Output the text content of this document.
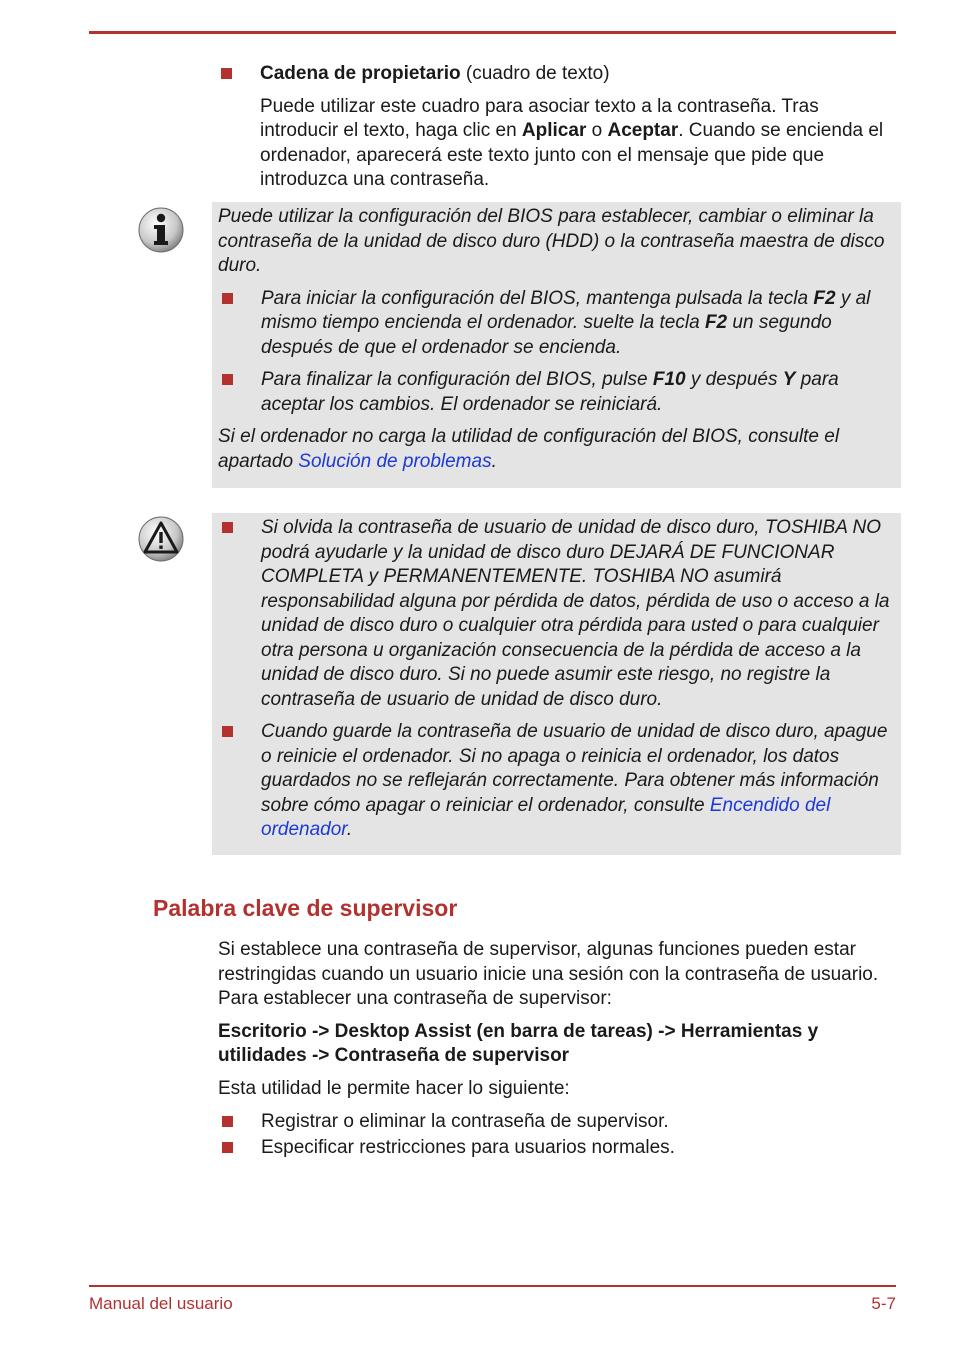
Cadena de propietario (cuadro de texto)

Puede utilizar este cuadro para asociar texto a la contraseña. Tras introducir el texto, haga clic en Aplicar o Aceptar. Cuando se encienda el ordenador, aparecerá este texto junto con el mensaje que pide que introduzca una contraseña.

Puede utilizar la configuración del BIOS para establecer, cambiar o eliminar la contraseña de la unidad de disco duro (HDD) o la contraseña maestra de disco duro.

Para iniciar la configuración del BIOS, mantenga pulsada la tecla F2 y al mismo tiempo encienda el ordenador. suelte la tecla F2 un segundo después de que el ordenador se encienda.

Para finalizar la configuración del BIOS, pulse F10 y después Y para aceptar los cambios. El ordenador se reiniciará.

Si el ordenador no carga la utilidad de configuración del BIOS, consulte el apartado Solución de problemas.

Si olvida la contraseña de usuario de unidad de disco duro, TOSHIBA NO podrá ayudarle y la unidad de disco duro DEJARÁ DE FUNCIONAR COMPLETA y PERMANENTEMENTE. TOSHIBA NO asumirá responsabilidad alguna por pérdida de datos, pérdida de uso o acceso a la unidad de disco duro o cualquier otra pérdida para usted o para cualquier otra persona u organización consecuencia de la pérdida de acceso a la unidad de disco duro. Si no puede asumir este riesgo, no registre la contraseña de usuario de unidad de disco duro.

Cuando guarde la contraseña de usuario de unidad de disco duro, apague o reinicie el ordenador. Si no apaga o reinicia el ordenador, los datos guardados no se reflejarán correctamente. Para obtener más información sobre cómo apagar o reiniciar el ordenador, consulte Encendido del ordenador.

Palabra clave de supervisor

Si establece una contraseña de supervisor, algunas funciones pueden estar restringidas cuando un usuario inicie una sesión con la contraseña de usuario. Para establecer una contraseña de supervisor:

Escritorio -> Desktop Assist (en barra de tareas) -> Herramientas y utilidades -> Contraseña de supervisor

Esta utilidad le permite hacer lo siguiente:

Registrar o eliminar la contraseña de supervisor.

Especificar restricciones para usuarios normales.

Manual del usuario	5-7
